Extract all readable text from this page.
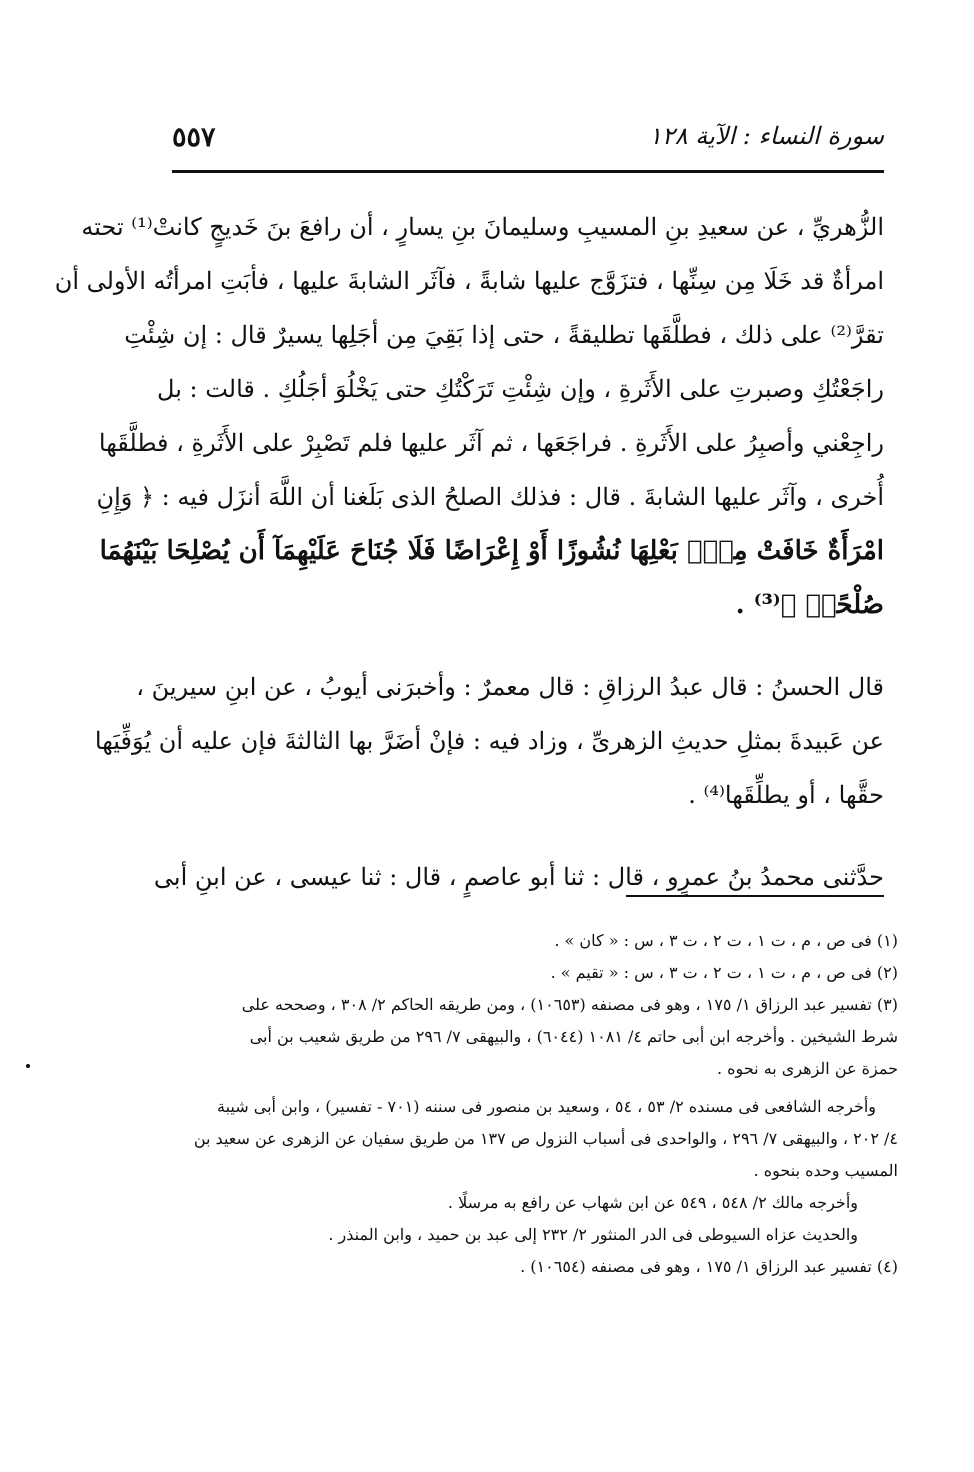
٥٥٧	سورة النساء : الآية ١٢٨

الزُّهريِّ ، عن سعيدِ بنِ المسيبِ وسليمانَ بنِ يسارٍ ، أن رافعَ بنَ خَديجٍ كانتْ⁽¹⁾ تحته
امرأةٌ قد خَلَا مِن سِنِّها ، فتزَوَّج عليها شابةً ، فآثَر الشابةَ عليها ، فأبَتِ امرأتُه الأولى أن
تقرَّ⁽²⁾ على ذلك ، فطلَّقَها تطليقةً ، حتى إذا بَقِيَ مِن أجَلِها يسيرٌ قال : إن شِئْتِ
راجَعْتُكِ وصبرتِ على الأَثَرةِ ، وإن شِئْتِ تَرَكْتُكِ حتى يَخْلُوَ أجَلُكِ . قالت : بل
راجِعْني وأصبِرُ على الأَثَرةِ . فراجَعَها ، ثم آثَر عليها فلم تَصْبِرْ على الأَثَرةِ ، فطلَّقَها
أُخرى ، وآثَر عليها الشابةَ . قال : فذلك الصلحُ الذى بَلَغنا أن اللَّهَ أنزَل فيه : ﴿ وَإِنِ
امْرَأَةٌ خَافَتْ مِنْۢ بَعْلِهَا نُشُوزًا أَوْ إِعْرَاضًا فَلَا جُنَاحَ عَلَيْهِمَآ أَن يُصْلِحَا بَيْنَهُمَا
صُلْحًاۚ ﴾⁽³⁾ .

قال الحسنُ : قال عبدُ الرزاقِ : قال معمرٌ : وأخبرَنى أيوبُ ، عن ابنِ سيرينَ ،
عن عَبيدةَ بمثلِ حديثِ الزهرىِّ ، وزاد فيه : فإنْ أضَرَّ بها الثالثةَ فإن عليه أن يُوَفِّيَها
حقَّها ، أو يطلِّقَها⁽⁴⁾ .

حدَّثنى محمدُ بنُ عمرٍو ، قال : ثنا أبو عاصمٍ ، قال : ثنا عيسى ، عن ابنِ أبى

(١) فى ص ، م ، ت ١ ، ت ٢ ، ت ٣ ، س : « كان » .
(٢) فى ص ، م ، ت ١ ، ت ٢ ، ت ٣ ، س : « تقيم » .
(٣) تفسير عبد الرزاق ١/ ١٧٥ ، وهو فى مصنفه (١٠٦٥٣) ، ومن طريقه الحاكم ٢/ ٣٠٨ ، وصححه على
شرط الشيخين . وأخرجه ابن أبى حاتم ٤/ ١٠٨١ (٦٠٤٤) ، والبيهقى ٧/ ٢٩٦ من طريق شعيب بن أبى
حمزة عن الزهرى به نحوه .
وأخرجه الشافعى فى مسنده ٢/ ٥٣ ، ٥٤ ، وسعيد بن منصور فى سننه (٧٠١ - تفسير) ، وابن أبى شيبة
٤/ ٢٠٢ ، والبيهقى ٧/ ٢٩٦ ، والواحدى فى أسباب النزول ص ١٣٧ من طريق سفيان عن الزهرى عن سعيد بن
المسيب وحده بنحوه .
وأخرجه مالك ٢/ ٥٤٨ ، ٥٤٩ عن ابن شهاب عن رافع به مرسلًا .
والحديث عزاه السيوطى فى الدر المنثور ٢/ ٢٣٢ إلى عبد بن حميد ، وابن المنذر .
(٤) تفسير عبد الرزاق ١/ ١٧٥ ، وهو فى مصنفه (١٠٦٥٤) .
